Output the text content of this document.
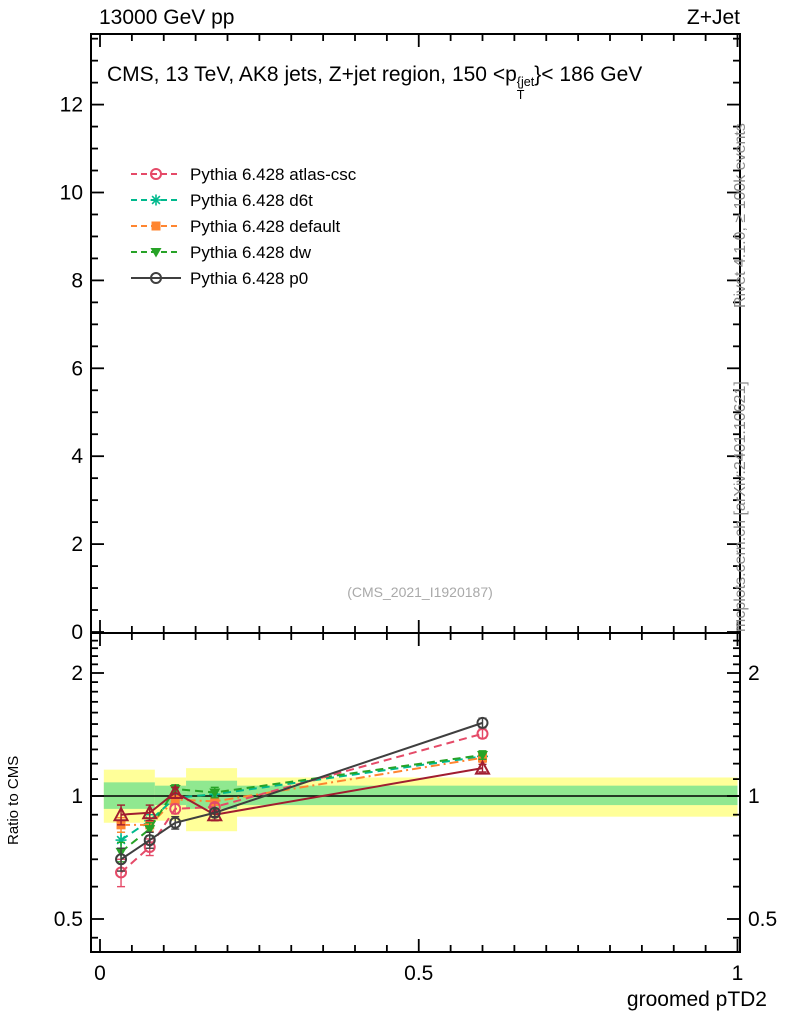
0
2
4
6
8
10
12
0.5	0.5
1	1
2	2
0	0.5	1
Pythia 6.428 atlas-csc
Pythia 6.428 d6t
Pythia 6.428 default
Pythia 6.428 dw
Pythia 6.428 p0
13000 GeV pp	Z+Jet
CMS, 13 TeV, AK8 jets, Z+jet region, 150 <p {jet
T
}< 186 GeV
(CMS_2021_I1920187)
Rivet 4.1.0, ≥ 100k events
mcplots.cern.ch [arXiv:2401.10621]
Ratio to CMS
groomed pTD2
